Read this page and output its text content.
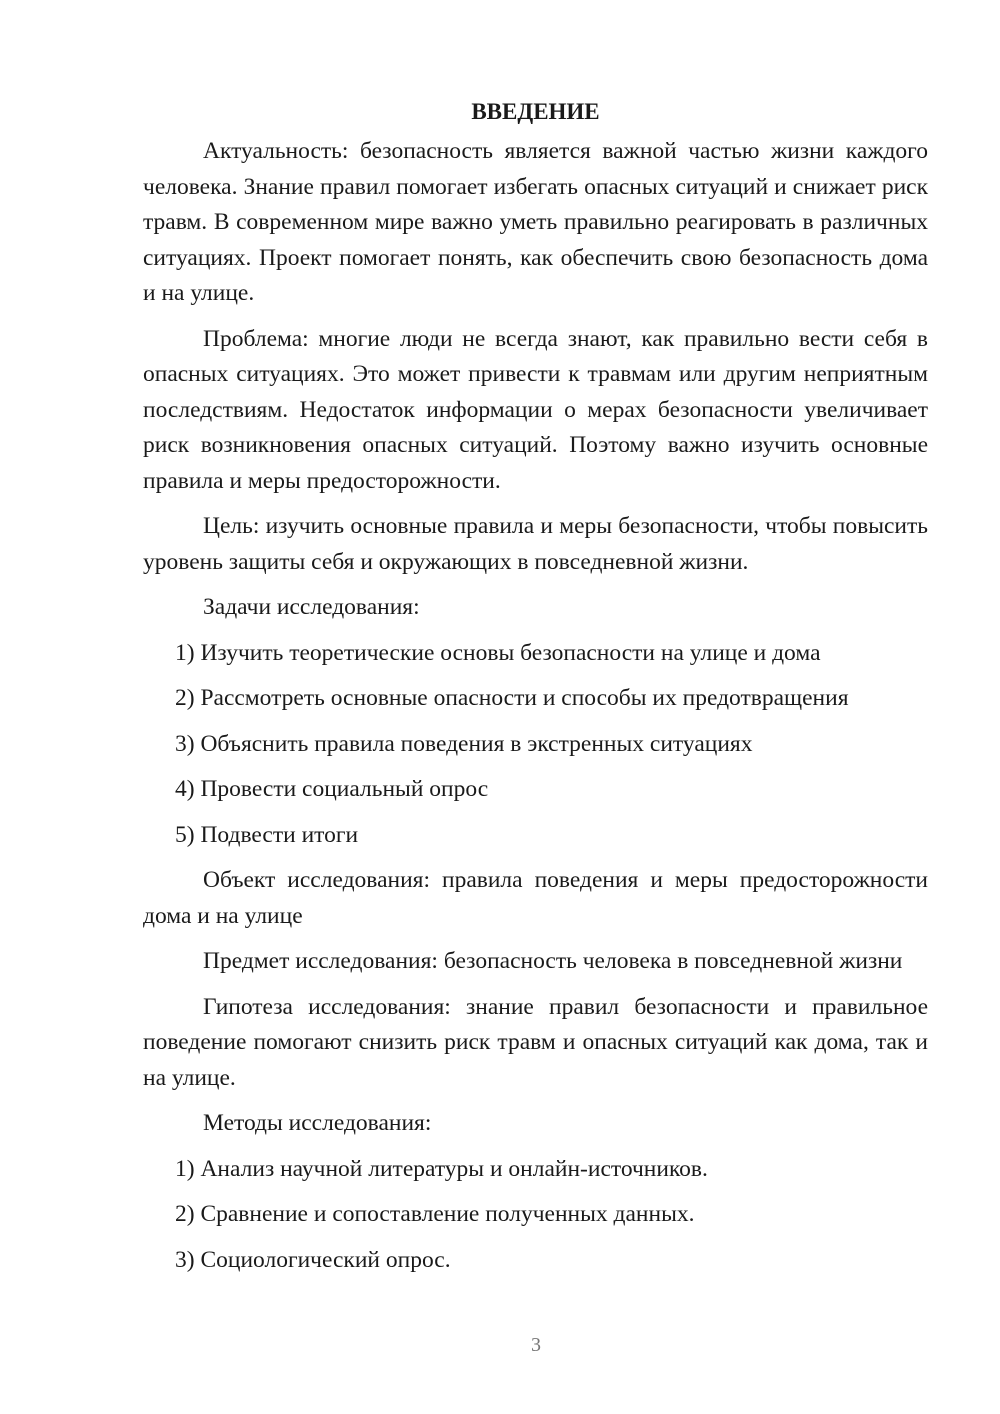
ВВЕДЕНИЕ

Актуальность: безопасность является важной частью жизни каждого человека. Знание правил помогает избегать опасных ситуаций и снижает риск травм. В современном мире важно уметь правильно реагировать в различных ситуациях. Проект помогает понять, как обеспечить свою безопасность дома и на улице.

Проблема: многие люди не всегда знают, как правильно вести себя в опасных ситуациях. Это может привести к травмам или другим неприятным последствиям. Недостаток информации о мерах безопасности увеличивает риск возникновения опасных ситуаций. Поэтому важно изучить основные правила и меры предосторожности.

Цель: изучить основные правила и меры безопасности, чтобы повысить уровень защиты себя и окружающих в повседневной жизни.

Задачи исследования:

1) Изучить теоретические основы безопасности на улице и дома
2) Рассмотреть основные опасности и способы их предотвращения
3) Объяснить правила поведения в экстренных ситуациях
4) Провести социальный опрос
5) Подвести итоги

Объект исследования: правила поведения и меры предосторожности дома и на улице

Предмет исследования: безопасность человека в повседневной жизни

Гипотеза исследования: знание правил безопасности и правильное поведение помогают снизить риск травм и опасных ситуаций как дома, так и на улице.

Методы исследования:

1) Анализ научной литературы и онлайн-источников.
2) Сравнение и сопоставление полученных данных.
3) Социологический опрос.
3
